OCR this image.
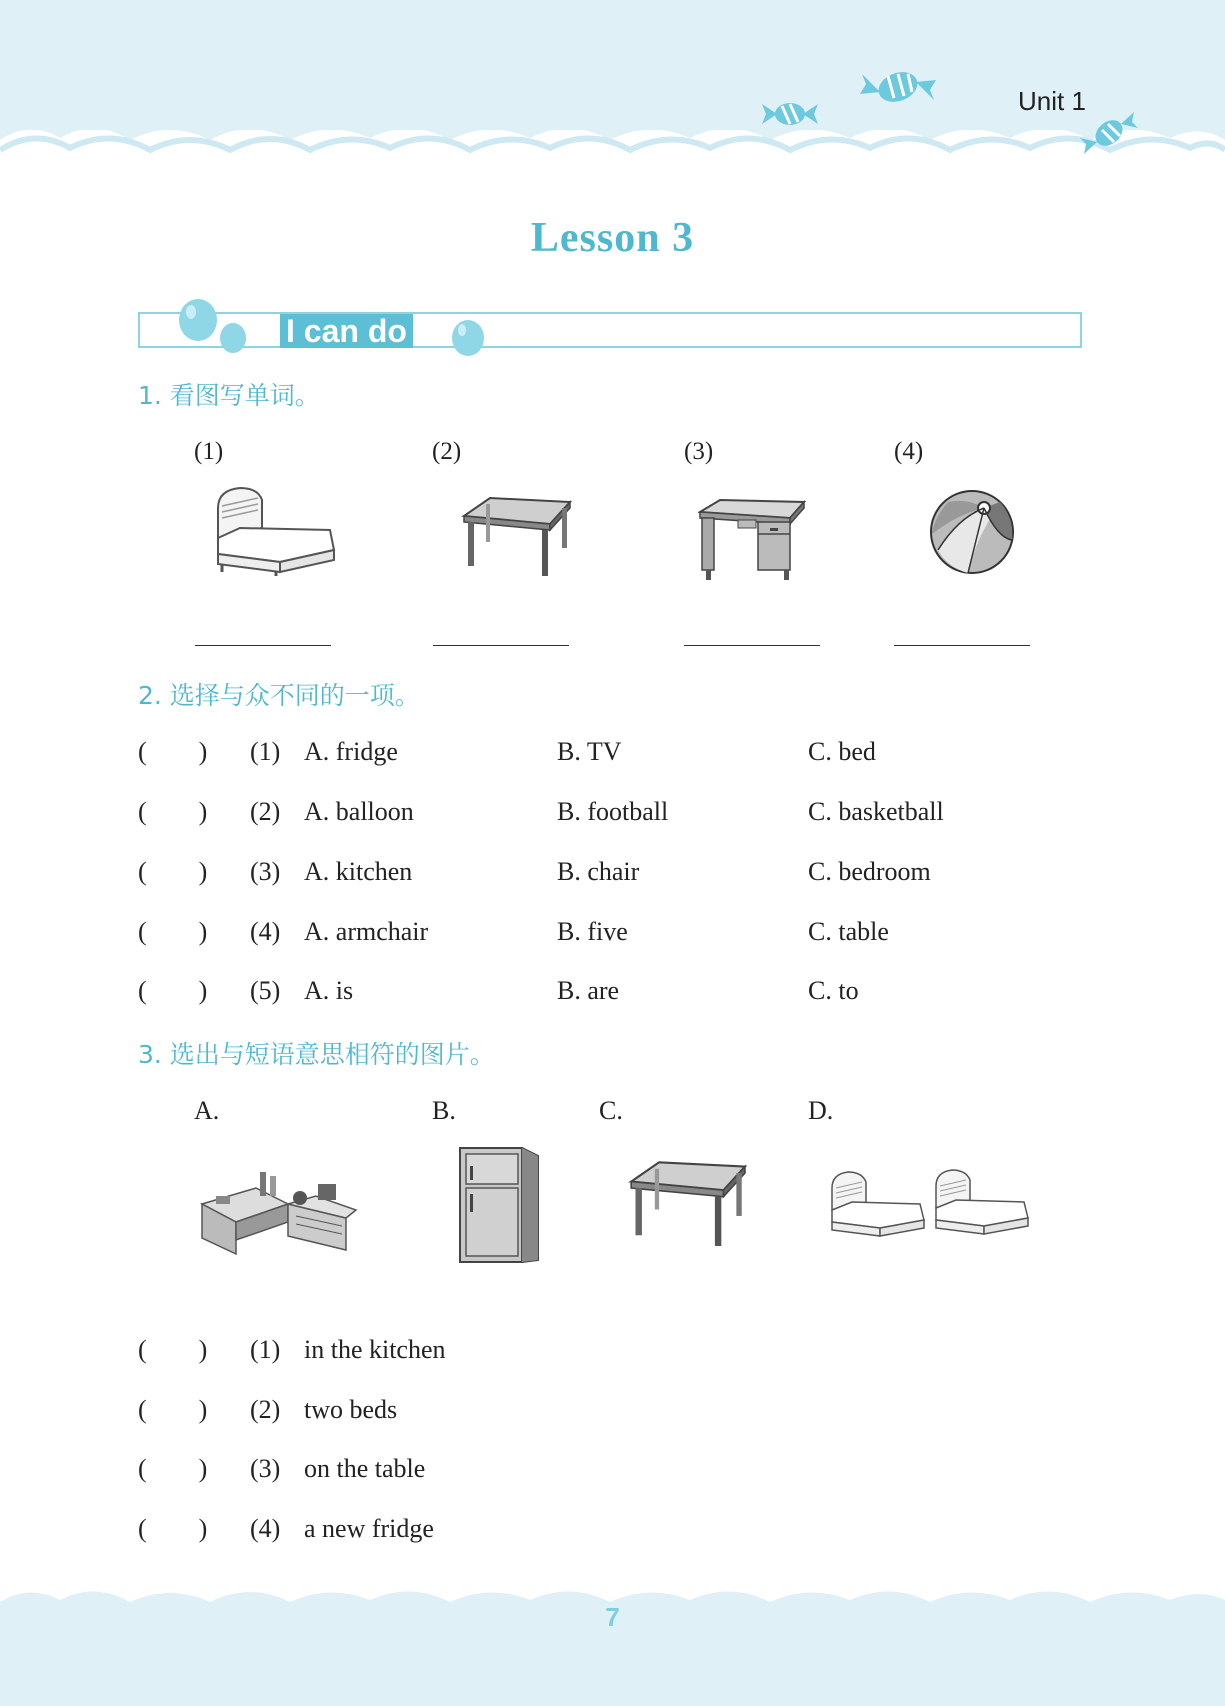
Unit 1
Lesson 3
I can do
1. 看图写单词。
(1)	(2)	(3)	(4)
2. 选择与众不同的一项。
(        ) (1) A. fridge	B. TV	C. bed
(        ) (2) A. balloon	B. football	C. basketball
(        ) (3) A. kitchen	B. chair	C. bedroom
(        ) (4) A. armchair	B. five	C. table
(        ) (5) A. is	B. are	C. to
3. 选出与短语意思相符的图片。
A.	B.	C.	D.
(        ) (1) in the kitchen
(        ) (2) two beds
(        ) (3) on the table
(        ) (4) a new fridge
7
